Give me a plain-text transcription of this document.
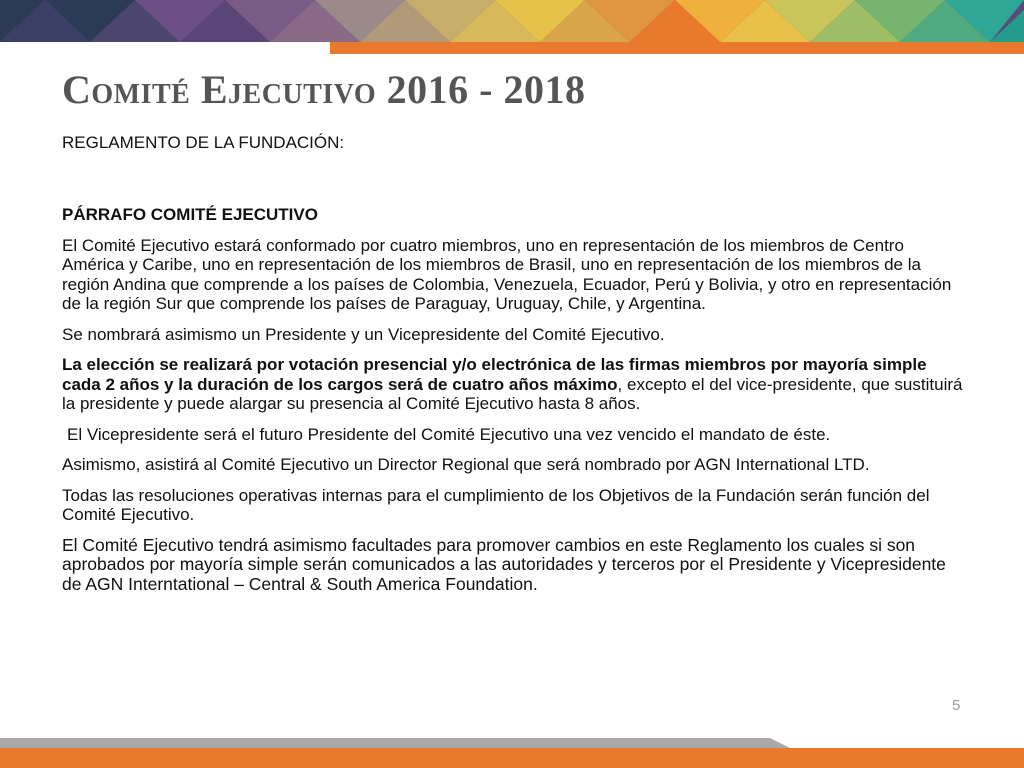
Comité Ejecutivo 2016 - 2018
REGLAMENTO DE LA FUNDACIÓN:

PÁRRAFO COMITÉ EJECUTIVO

El Comité Ejecutivo estará conformado por cuatro miembros, uno en representación de los miembros de Centro América y Caribe, uno en representación de los miembros de Brasil, uno en representación de los miembros de la región Andina que comprende a los países de Colombia, Venezuela, Ecuador, Perú y Bolivia, y otro en representación de la región Sur que comprende los países de Paraguay, Uruguay, Chile, y Argentina.

Se nombrará asimismo un Presidente y un Vicepresidente del Comité Ejecutivo.

La elección se realizará por votación presencial y/o electrónica de las firmas miembros por mayoría simple cada 2 años y la duración de los cargos será de cuatro años máximo, excepto el del vice-presidente, que sustituirá la presidente y puede alargar su presencia al Comité Ejecutivo hasta 8 años.

El Vicepresidente será el futuro Presidente del Comité Ejecutivo una vez vencido el mandato de éste.

Asimismo, asistirá al Comité Ejecutivo un Director Regional que será nombrado por AGN International LTD.

Todas las resoluciones operativas internas para el cumplimiento de los Objetivos de la Fundación serán función del Comité Ejecutivo.

El Comité Ejecutivo tendrá asimismo facultades para promover cambios en este Reglamento los cuales si son aprobados por mayoría simple serán comunicados a las autoridades y terceros por el Presidente y Vicepresidente de AGN Interntational – Central & South America Foundation.

5
